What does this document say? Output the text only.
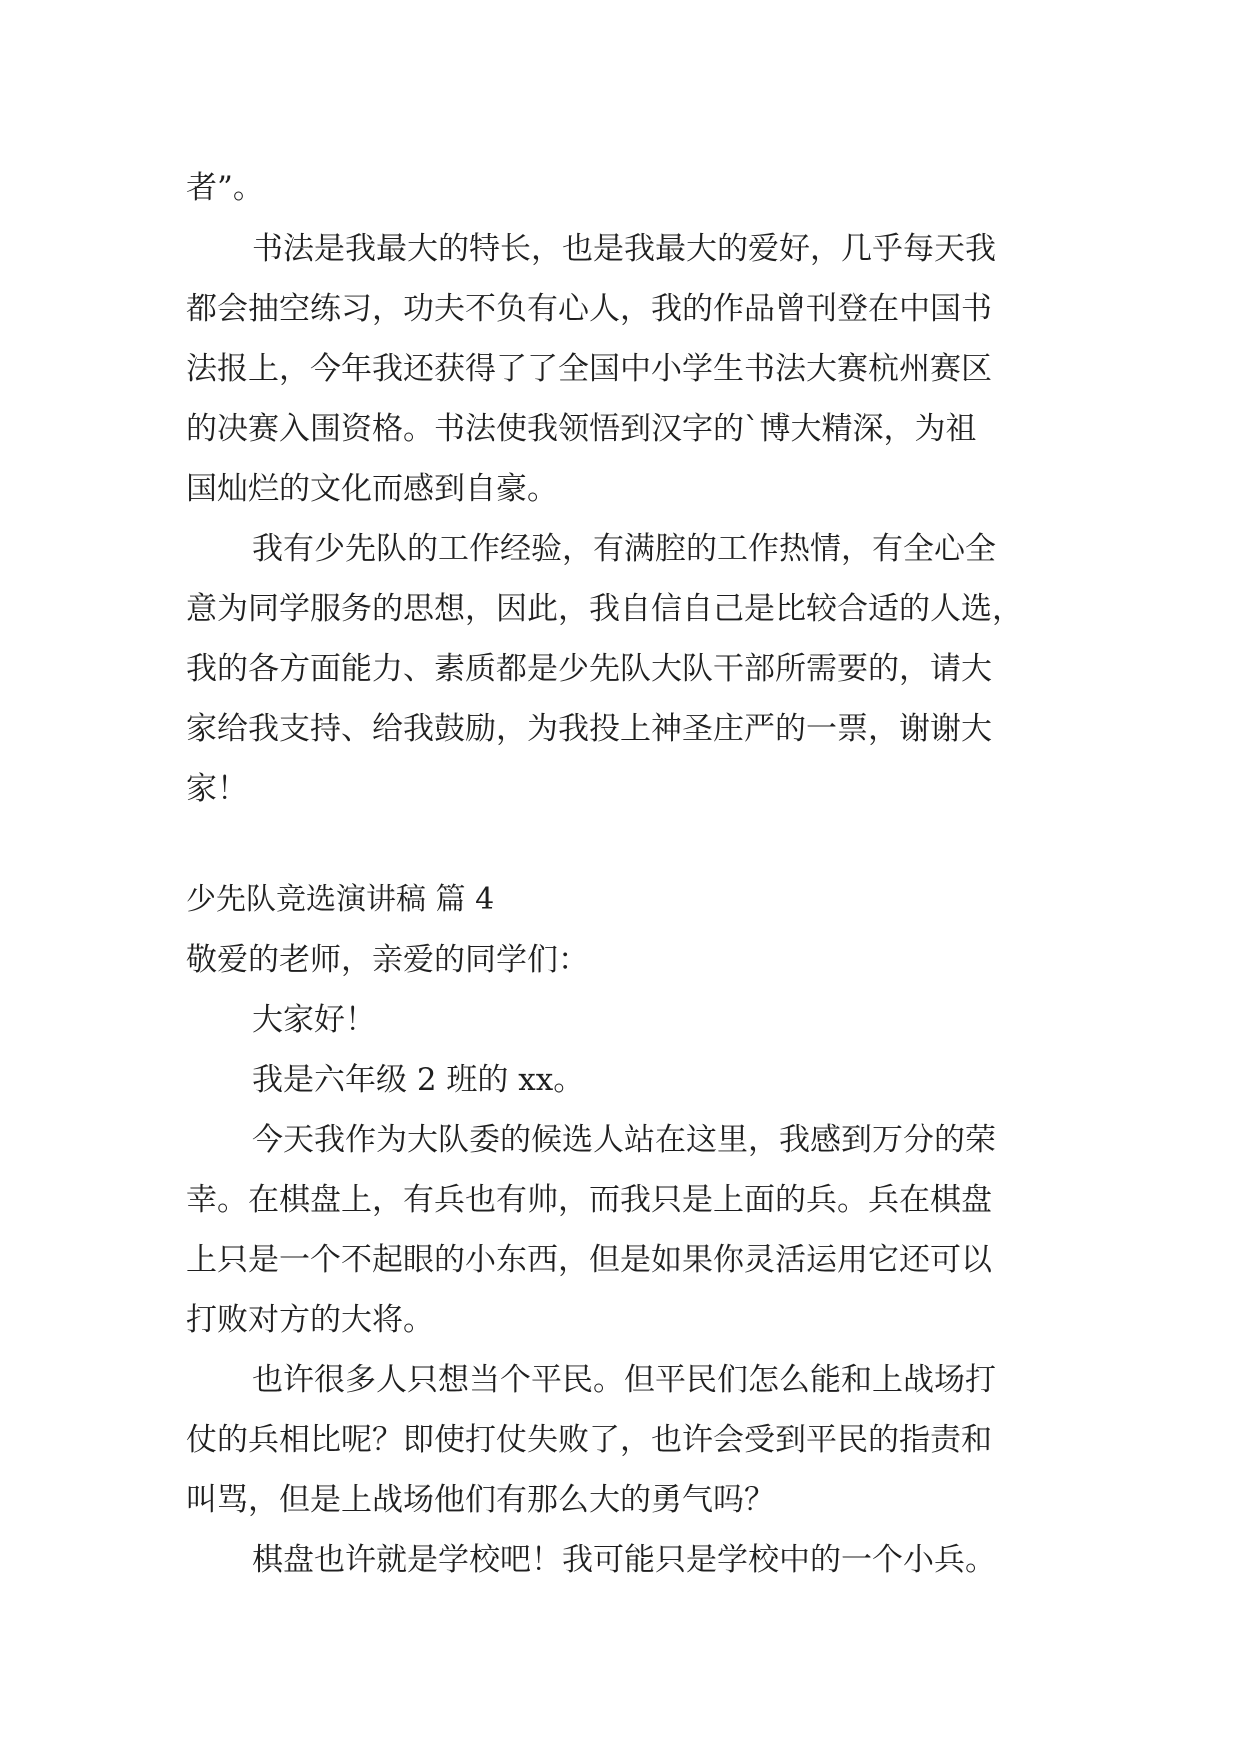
者”。
书法是我最大的特长，也是我最大的爱好，几乎每天我
都会抽空练习，功夫不负有心人，我的作品曾刊登在中国书
法报上，今年我还获得了了全国中小学生书法大赛杭州赛区
的决赛入围资格。书法使我领悟到汉字的`博大精深，为祖
国灿烂的文化而感到自豪。
我有少先队的工作经验，有满腔的工作热情，有全心全
意为同学服务的思想，因此，我自信自己是比较合适的人选，
我的各方面能力、素质都是少先队大队干部所需要的，请大
家给我支持、给我鼓励，为我投上神圣庄严的一票，谢谢大
家！
少先队竞选演讲稿 篇 4
敬爱的老师，亲爱的同学们：
大家好！
我是六年级 2 班的 xx。
今天我作为大队委的候选人站在这里，我感到万分的荣
幸。在棋盘上，有兵也有帅，而我只是上面的兵。兵在棋盘
上只是一个不起眼的小东西，但是如果你灵活运用它还可以
打败对方的大将。
也许很多人只想当个平民。但平民们怎么能和上战场打
仗的兵相比呢？即使打仗失败了，也许会受到平民的指责和
叫骂，但是上战场他们有那么大的勇气吗？
棋盘也许就是学校吧！我可能只是学校中的一个小兵。
